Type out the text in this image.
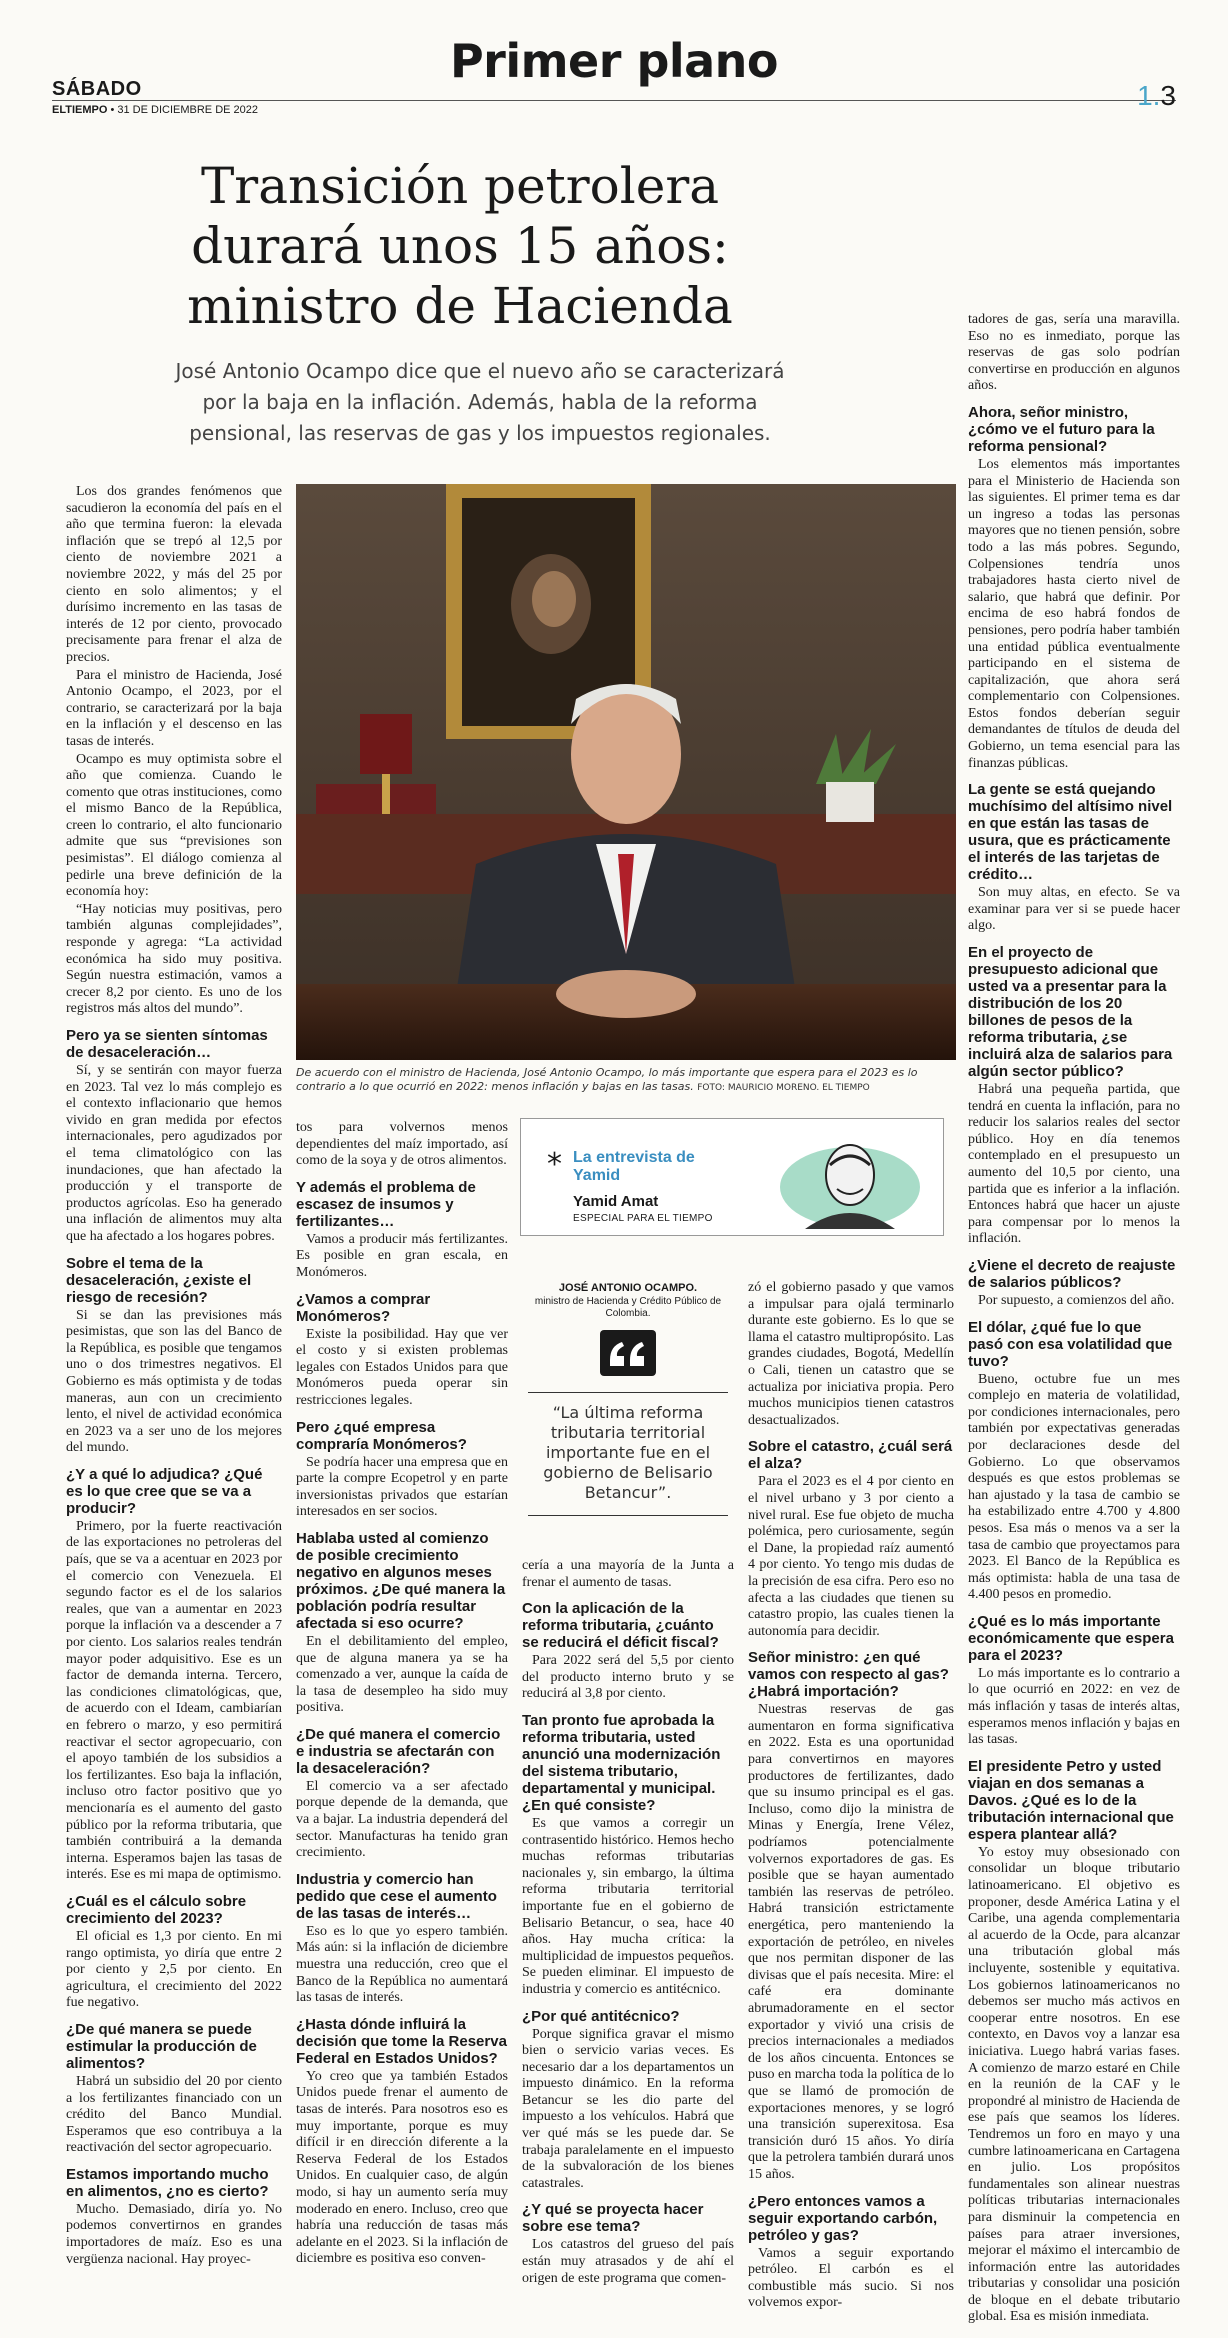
SÁBADO
Primer plano
ELTIEMPO • 31 DE DICIEMBRE DE 2022	1.3
Transición petrolera durará unos 15 años: ministro de Hacienda

José Antonio Ocampo dice que el nuevo año se caracterizará por la baja en la inflación. Además, habla de la reforma pensional, las reservas de gas y los impuestos regionales.

Los dos grandes fenómenos que sacudieron la economía del país en el año que termina fueron: la elevada inflación que se trepó al 12,5 por ciento de noviembre 2021 a noviembre 2022, y más del 25 por ciento en solo alimentos; y el durísimo incremento en las tasas de interés de 12 por ciento, provocado precisamente para frenar el alza de precios.

Para el ministro de Hacienda, José Antonio Ocampo, el 2023, por el contrario, se caracterizará por la baja en la inflación y el descenso en las tasas de interés.

Ocampo es muy optimista sobre el año que comienza. Cuando le comento que otras instituciones, como el mismo Banco de la República, creen lo contrario, el alto funcionario admite que sus “previsiones son pesimistas”. El diálogo comienza al pedirle una breve definición de la economía hoy:

“Hay noticias muy positivas, pero también algunas complejidades”, responde y agrega: “La actividad económica ha sido muy positiva. Según nuestra estimación, vamos a crecer 8,2 por ciento. Es uno de los registros más altos del mundo”.

Pero ya se sienten síntomas de desaceleración…

Sí, y se sentirán con mayor fuerza en 2023. Tal vez lo más complejo es el contexto inflacionario que hemos vivido en gran medida por efectos internacionales, pero agudizados por el tema climatológico con las inundaciones, que han afectado la producción y el transporte de productos agrícolas. Eso ha generado una inflación de alimentos muy alta que ha afectado a los hogares pobres.

Sobre el tema de la desaceleración, ¿existe el riesgo de recesión?

Si se dan las previsiones más pesimistas, que son las del Banco de la República, es posible que tengamos uno o dos trimestres negativos. El Gobierno es más optimista y de todas maneras, aun con un crecimiento lento, el nivel de actividad económica en 2023 va a ser uno de los mejores del mundo.

¿Y a qué lo adjudica? ¿Qué es lo que cree que se va a producir?

Primero, por la fuerte reactivación de las exportaciones no petroleras del país, que se va a acentuar en 2023 por el comercio con Venezuela. El segundo factor es el de los salarios reales, que van a aumentar en 2023 porque la inflación va a descender a 7 por ciento. Los salarios reales tendrán mayor poder adquisitivo. Ese es un factor de demanda interna. Tercero, las condiciones climatológicas, que, de acuerdo con el Ideam, cambiarían en febrero o marzo, y eso permitirá reactivar el sector agropecuario, con el apoyo también de los subsidios a los fertilizantes. Eso baja la inflación, incluso otro factor positivo que yo mencionaría es el aumento del gasto público por la reforma tributaria, que también contribuirá a la demanda interna. Esperamos bajen las tasas de interés. Ese es mi mapa de optimismo.

¿Cuál es el cálculo sobre crecimiento del 2023?

El oficial es 1,3 por ciento. En mi rango optimista, yo diría que entre 2 por ciento y 2,5 por ciento. En agricultura, el crecimiento del 2022 fue negativo.

¿De qué manera se puede estimular la producción de alimentos?

Habrá un subsidio del 20 por ciento a los fertilizantes financiado con un crédito del Banco Mundial. Esperamos que eso contribuya a la reactivación del sector agropecuario.

Estamos importando mucho en alimentos, ¿no es cierto?

Mucho. Demasiado, diría yo. No podemos convertirnos en grandes importadores de maíz. Eso es una vergüenza nacional. Hay proyec-

De acuerdo con el ministro de Hacienda, José Antonio Ocampo, lo más importante que espera para el 2023 es lo contrario a lo que ocurrió en 2022: menos inflación y bajas en las tasas. FOTO: MAURICIO MORENO. EL TIEMPO

tos para volvernos menos dependientes del maíz importado, así como de la soya y de otros alimentos.

Y además el problema de escasez de insumos y fertilizantes…

Vamos a producir más fertilizantes. Es posible en gran escala, en Monómeros.

¿Vamos a comprar Monómeros?

Existe la posibilidad. Hay que ver el costo y si existen problemas legales con Estados Unidos para que Monómeros pueda operar sin restricciones legales.

Pero ¿qué empresa compraría Monómeros?

Se podría hacer una empresa que en parte la compre Ecopetrol y en parte inversionistas privados que estarían interesados en ser socios.

Hablaba usted al comienzo de posible crecimiento negativo en algunos meses próximos. ¿De qué manera la población podría resultar afectada si eso ocurre?

En el debilitamiento del empleo, que de alguna manera ya se ha comenzado a ver, aunque la caída de la tasa de desempleo ha sido muy positiva.

¿De qué manera el comercio e industria se afectarán con la desaceleración?

El comercio va a ser afectado porque depende de la demanda, que va a bajar. La industria dependerá del sector. Manufacturas ha tenido gran crecimiento.

Industria y comercio han pedido que cese el aumento de las tasas de interés…

Eso es lo que yo espero también. Más aún: si la inflación de diciembre muestra una reducción, creo que el Banco de la República no aumentará las tasas de interés.

¿Hasta dónde influirá la decisión que tome la Reserva Federal en Estados Unidos?

Yo creo que ya también Estados Unidos puede frenar el aumento de tasas de interés. Para nosotros eso es muy importante, porque es muy difícil ir en dirección diferente a la Reserva Federal de los Estados Unidos. En cualquier caso, de algún modo, si hay un aumento sería muy moderado en enero. Incluso, creo que habría una reducción de tasas más adelante en el 2023. Si la inflación de diciembre es positiva eso conven-

* La entrevista de Yamid
Yamid Amat
ESPECIAL PARA EL TIEMPO
JOSÉ ANTONIO OCAMPO.
ministro de Hacienda y Crédito Público de Colombia.
“La última reforma tributaria territorial importante fue en el gobierno de Belisario Betancur”.

cería a una mayoría de la Junta a frenar el aumento de tasas.

Con la aplicación de la reforma tributaria, ¿cuánto se reducirá el déficit fiscal?

Para 2022 será del 5,5 por ciento del producto interno bruto y se reducirá al 3,8 por ciento.

Tan pronto fue aprobada la reforma tributaria, usted anunció una modernización del sistema tributario, departamental y municipal. ¿En qué consiste?

Es que vamos a corregir un contrasentido histórico. Hemos hecho muchas reformas tributarias nacionales y, sin embargo, la última reforma tributaria territorial importante fue en el gobierno de Belisario Betancur, o sea, hace 40 años. Hay mucha crítica: la multiplicidad de impuestos pequeños. Se pueden eliminar. El impuesto de industria y comercio es antitécnico.

¿Por qué antitécnico?

Porque significa gravar el mismo bien o servicio varias veces. Es necesario dar a los departamentos un impuesto dinámico. En la reforma Betancur se les dio parte del impuesto a los vehículos. Habrá que ver qué más se les puede dar. Se trabaja paralelamente en el impuesto de la subvaloración de los bienes catastrales.

¿Y qué se proyecta hacer sobre ese tema?

Los catastros del grueso del país están muy atrasados y de ahí el origen de este programa que comen-

zó el gobierno pasado y que vamos a impulsar para ojalá terminarlo durante este gobierno. Es lo que se llama el catastro multipropósito. Las grandes ciudades, Bogotá, Medellín o Cali, tienen un catastro que se actualiza por iniciativa propia. Pero muchos municipios tienen catastros desactualizados.

Sobre el catastro, ¿cuál será el alza?

Para el 2023 es el 4 por ciento en el nivel urbano y 3 por ciento a nivel rural. Ese fue objeto de mucha polémica, pero curiosamente, según el Dane, la propiedad raíz aumentó 4 por ciento. Yo tengo mis dudas de la precisión de esa cifra. Pero eso no afecta a las ciudades que tienen su catastro propio, las cuales tienen la autonomía para decidir.

Señor ministro: ¿en qué vamos con respecto al gas? ¿Habrá importación?

Nuestras reservas de gas aumentaron en forma significativa en 2022. Esta es una oportunidad para convertirnos en mayores productores de fertilizantes, dado que su insumo principal es el gas. Incluso, como dijo la ministra de Minas y Energía, Irene Vélez, podríamos potencialmente volvernos exportadores de gas. Es posible que se hayan aumentado también las reservas de petróleo. Habrá transición estrictamente energética, pero manteniendo la exportación de petróleo, en niveles que nos permitan disponer de las divisas que el país necesita. Mire: el café era dominante abrumadoramente en el sector exportador y vivió una crisis de precios internacionales a mediados de los años cincuenta. Entonces se puso en marcha toda la política de lo que se llamó de promoción de exportaciones menores, y se logró una transición superexitosa. Esa transición duró 15 años. Yo diría que la petrolera también durará unos 15 años.

¿Pero entonces vamos a seguir exportando carbón, petróleo y gas?

Vamos a seguir exportando petróleo. El carbón es el combustible más sucio. Si nos volvemos expor-

tadores de gas, sería una maravilla. Eso no es inmediato, porque las reservas de gas solo podrían convertirse en producción en algunos años.

Ahora, señor ministro, ¿cómo ve el futuro para la reforma pensional?

Los elementos más importantes para el Ministerio de Hacienda son las siguientes. El primer tema es dar un ingreso a todas las personas mayores que no tienen pensión, sobre todo a las más pobres. Segundo, Colpensiones tendría unos trabajadores hasta cierto nivel de salario, que habrá que definir. Por encima de eso habrá fondos de pensiones, pero podría haber también una entidad pública eventualmente participando en el sistema de capitalización, que ahora será complementario con Colpensiones. Estos fondos deberían seguir demandantes de títulos de deuda del Gobierno, un tema esencial para las finanzas públicas.

La gente se está quejando muchísimo del altísimo nivel en que están las tasas de usura, que es prácticamente el interés de las tarjetas de crédito…

Son muy altas, en efecto. Se va examinar para ver si se puede hacer algo.

En el proyecto de presupuesto adicional que usted va a presentar para la distribución de los 20 billones de pesos de la reforma tributaria, ¿se incluirá alza de salarios para algún sector público?

Habrá una pequeña partida, que tendrá en cuenta la inflación, para no reducir los salarios reales del sector público. Hoy en día tenemos contemplado en el presupuesto un aumento del 10,5 por ciento, una partida que es inferior a la inflación. Entonces habrá que hacer un ajuste para compensar por lo menos la inflación.

¿Viene el decreto de reajuste de salarios públicos?

Por supuesto, a comienzos del año.

El dólar, ¿qué fue lo que pasó con esa volatilidad que tuvo?

Bueno, octubre fue un mes complejo en materia de volatilidad, por condiciones internacionales, pero también por expectativas generadas por declaraciones desde del Gobierno. Lo que observamos después es que estos problemas se han ajustado y la tasa de cambio se ha estabilizado entre 4.700 y 4.800 pesos. Esa más o menos va a ser la tasa de cambio que proyectamos para 2023. El Banco de la República es más optimista: habla de una tasa de 4.400 pesos en promedio.

¿Qué es lo más importante económicamente que espera para el 2023?

Lo más importante es lo contrario a lo que ocurrió en 2022: en vez de más inflación y tasas de interés altas, esperamos menos inflación y bajas en las tasas.

El presidente Petro y usted viajan en dos semanas a Davos. ¿Qué es lo de la tributación internacional que espera plantear allá?

Yo estoy muy obsesionado con consolidar un bloque tributario latinoamericano. El objetivo es proponer, desde América Latina y el Caribe, una agenda complementaria al acuerdo de la Ocde, para alcanzar una tributación global más incluyente, sostenible y equitativa. Los gobiernos latinoamericanos no debemos ser mucho más activos en cooperar entre nosotros. En ese contexto, en Davos voy a lanzar esa iniciativa. Luego habrá varias fases. A comienzo de marzo estaré en Chile en la reunión de la CAF y le propondré al ministro de Hacienda de ese país que seamos los líderes. Tendremos un foro en mayo y una cumbre latinoamericana en Cartagena en julio. Los propósitos fundamentales son alinear nuestras políticas tributarias internacionales para disminuir la competencia en países para atraer inversiones, mejorar el máximo el intercambio de información entre las autoridades tributarias y consolidar una posición de bloque en el debate tributario global. Esa es misión inmediata.
